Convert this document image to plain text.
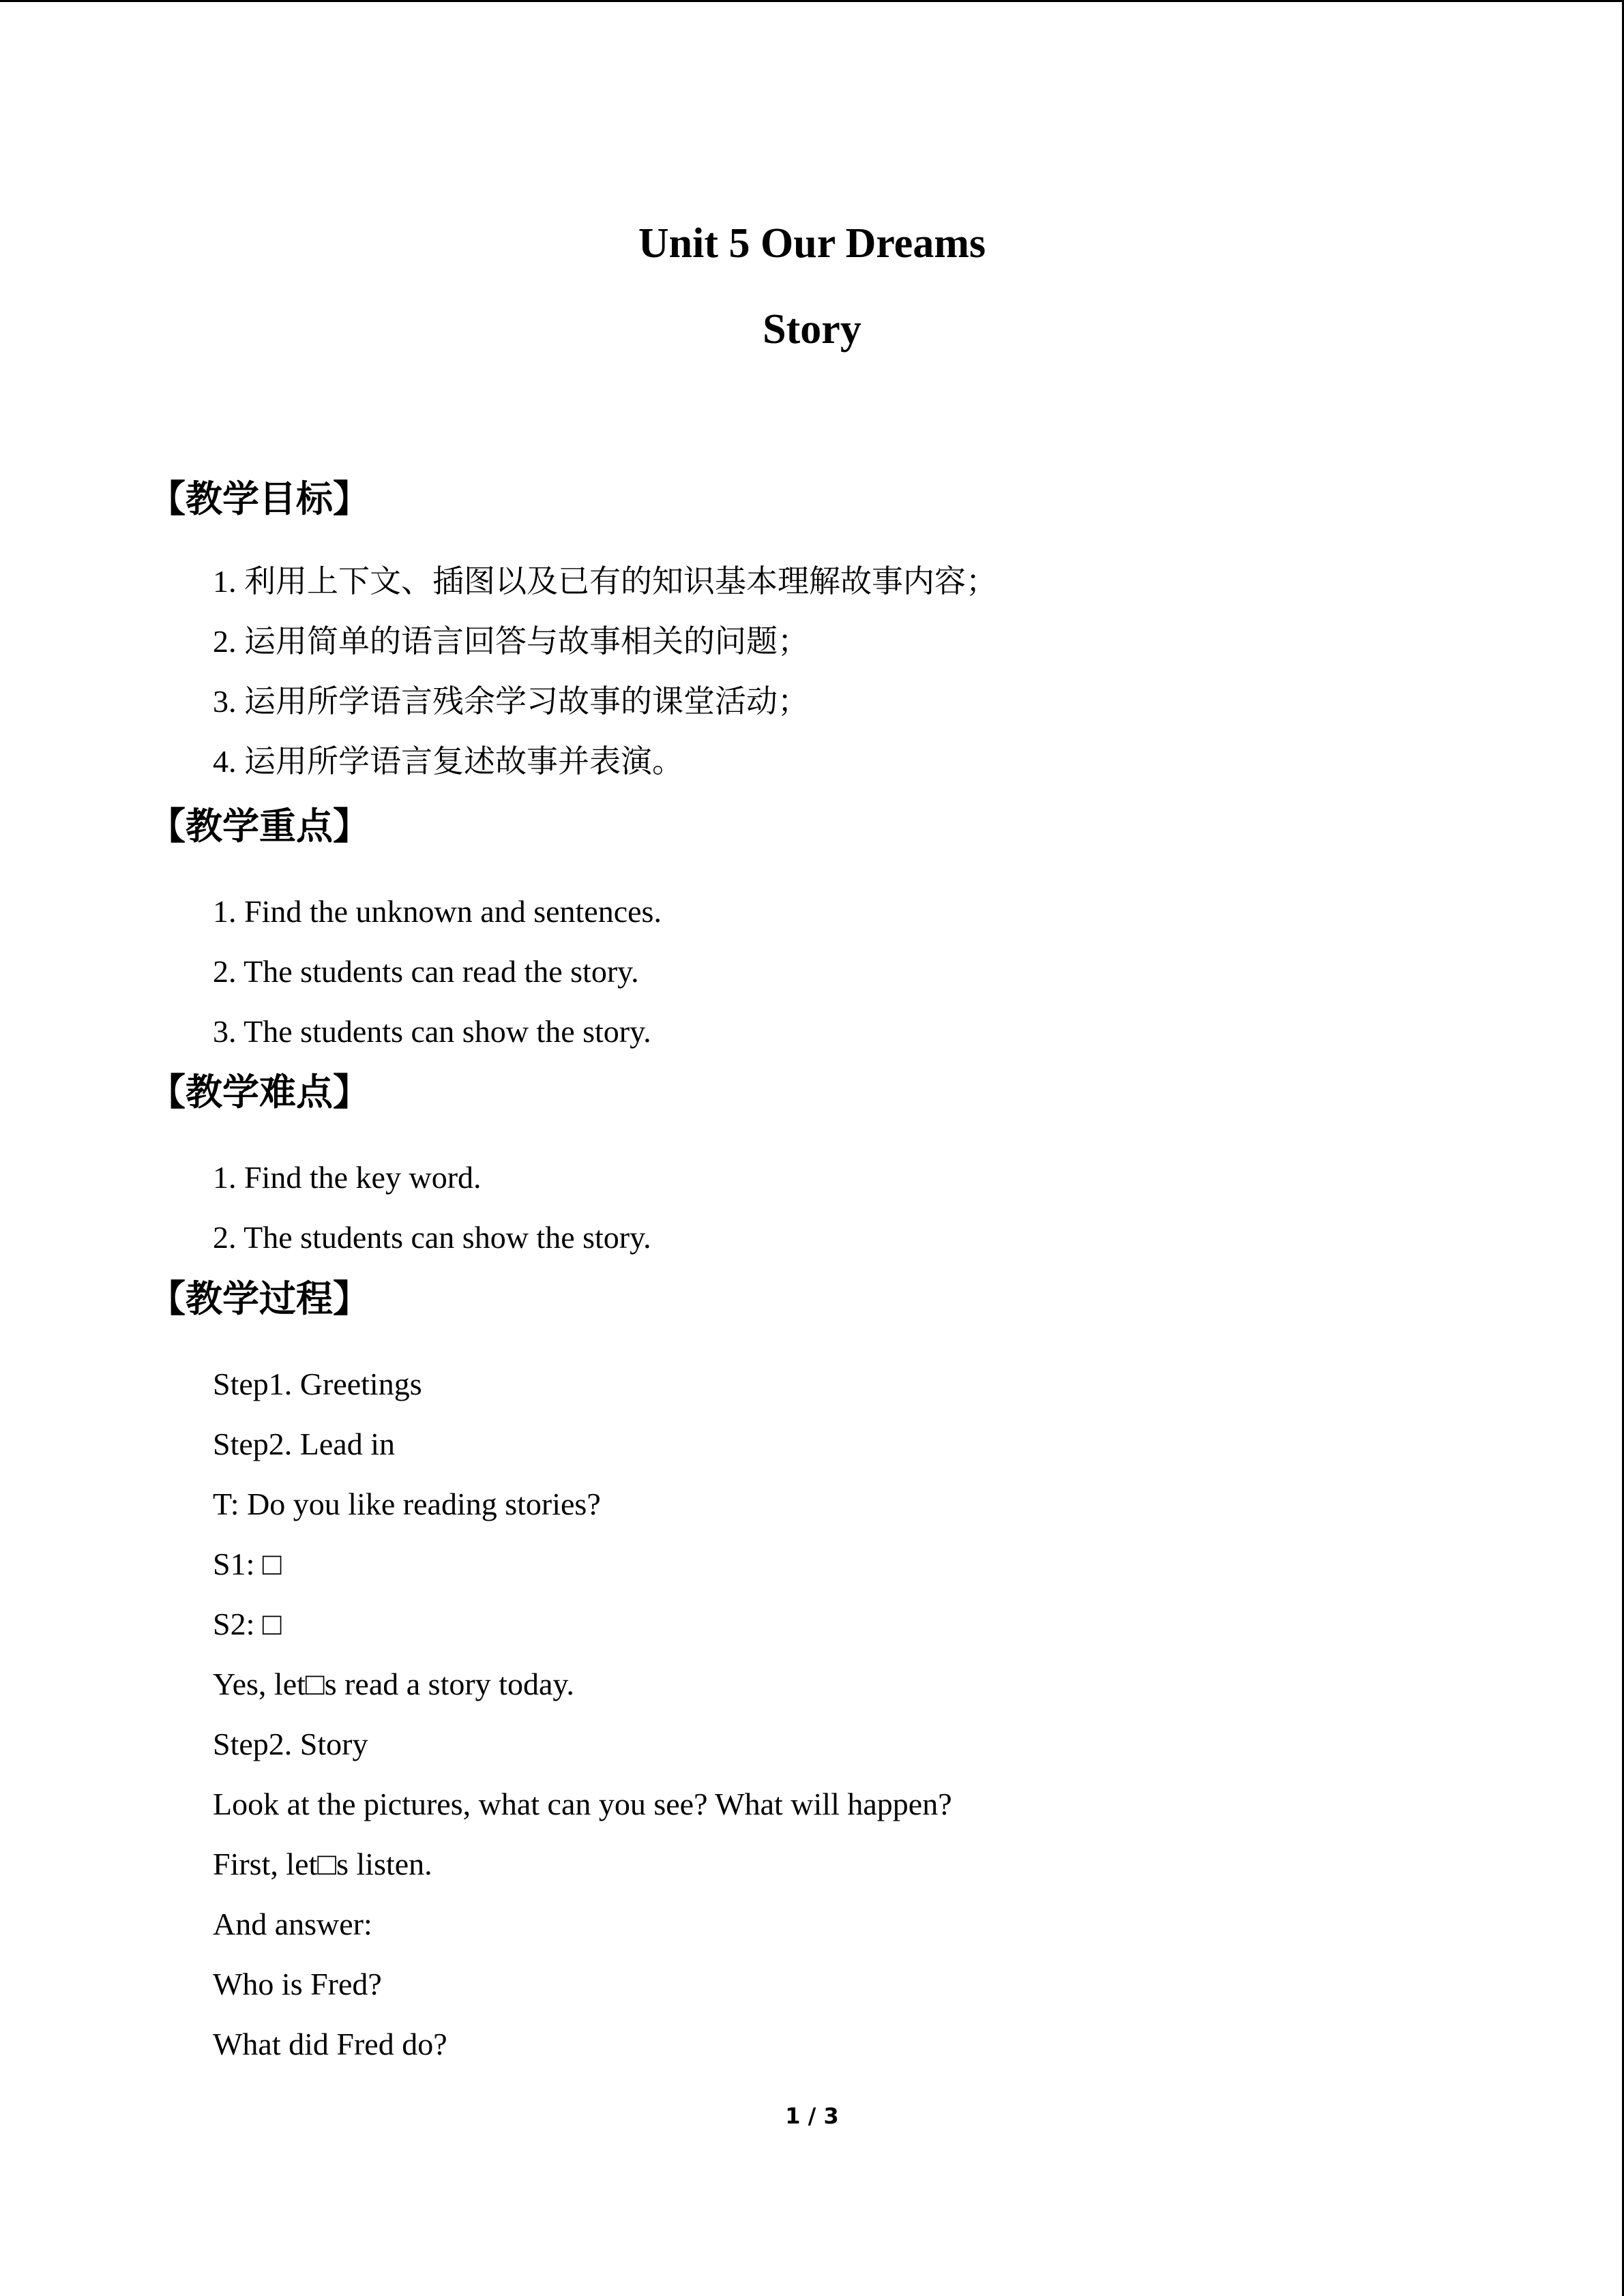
Unit 5 Our Dreams
Story
【教学目标】
1. 利用上下文、插图以及已有的知识基本理解故事内容；
2. 运用简单的语言回答与故事相关的问题；
3. 运用所学语言残余学习故事的课堂活动；
4. 运用所学语言复述故事并表演。
【教学重点】
1. Find the unknown and sentences.
2. The students can read the story.
3. The students can show the story.
【教学难点】
1. Find the key word.
2. The students can show the story.
【教学过程】
Step1. Greetings
Step2. Lead in
T: Do you like reading stories?
S1: □
S2: □
Yes, let□s read a story today.
Step2. Story
Look at the pictures, what can you see? What will happen?
First, let□s listen.
And answer:
Who is Fred?
What did Fred do?
1 / 3
